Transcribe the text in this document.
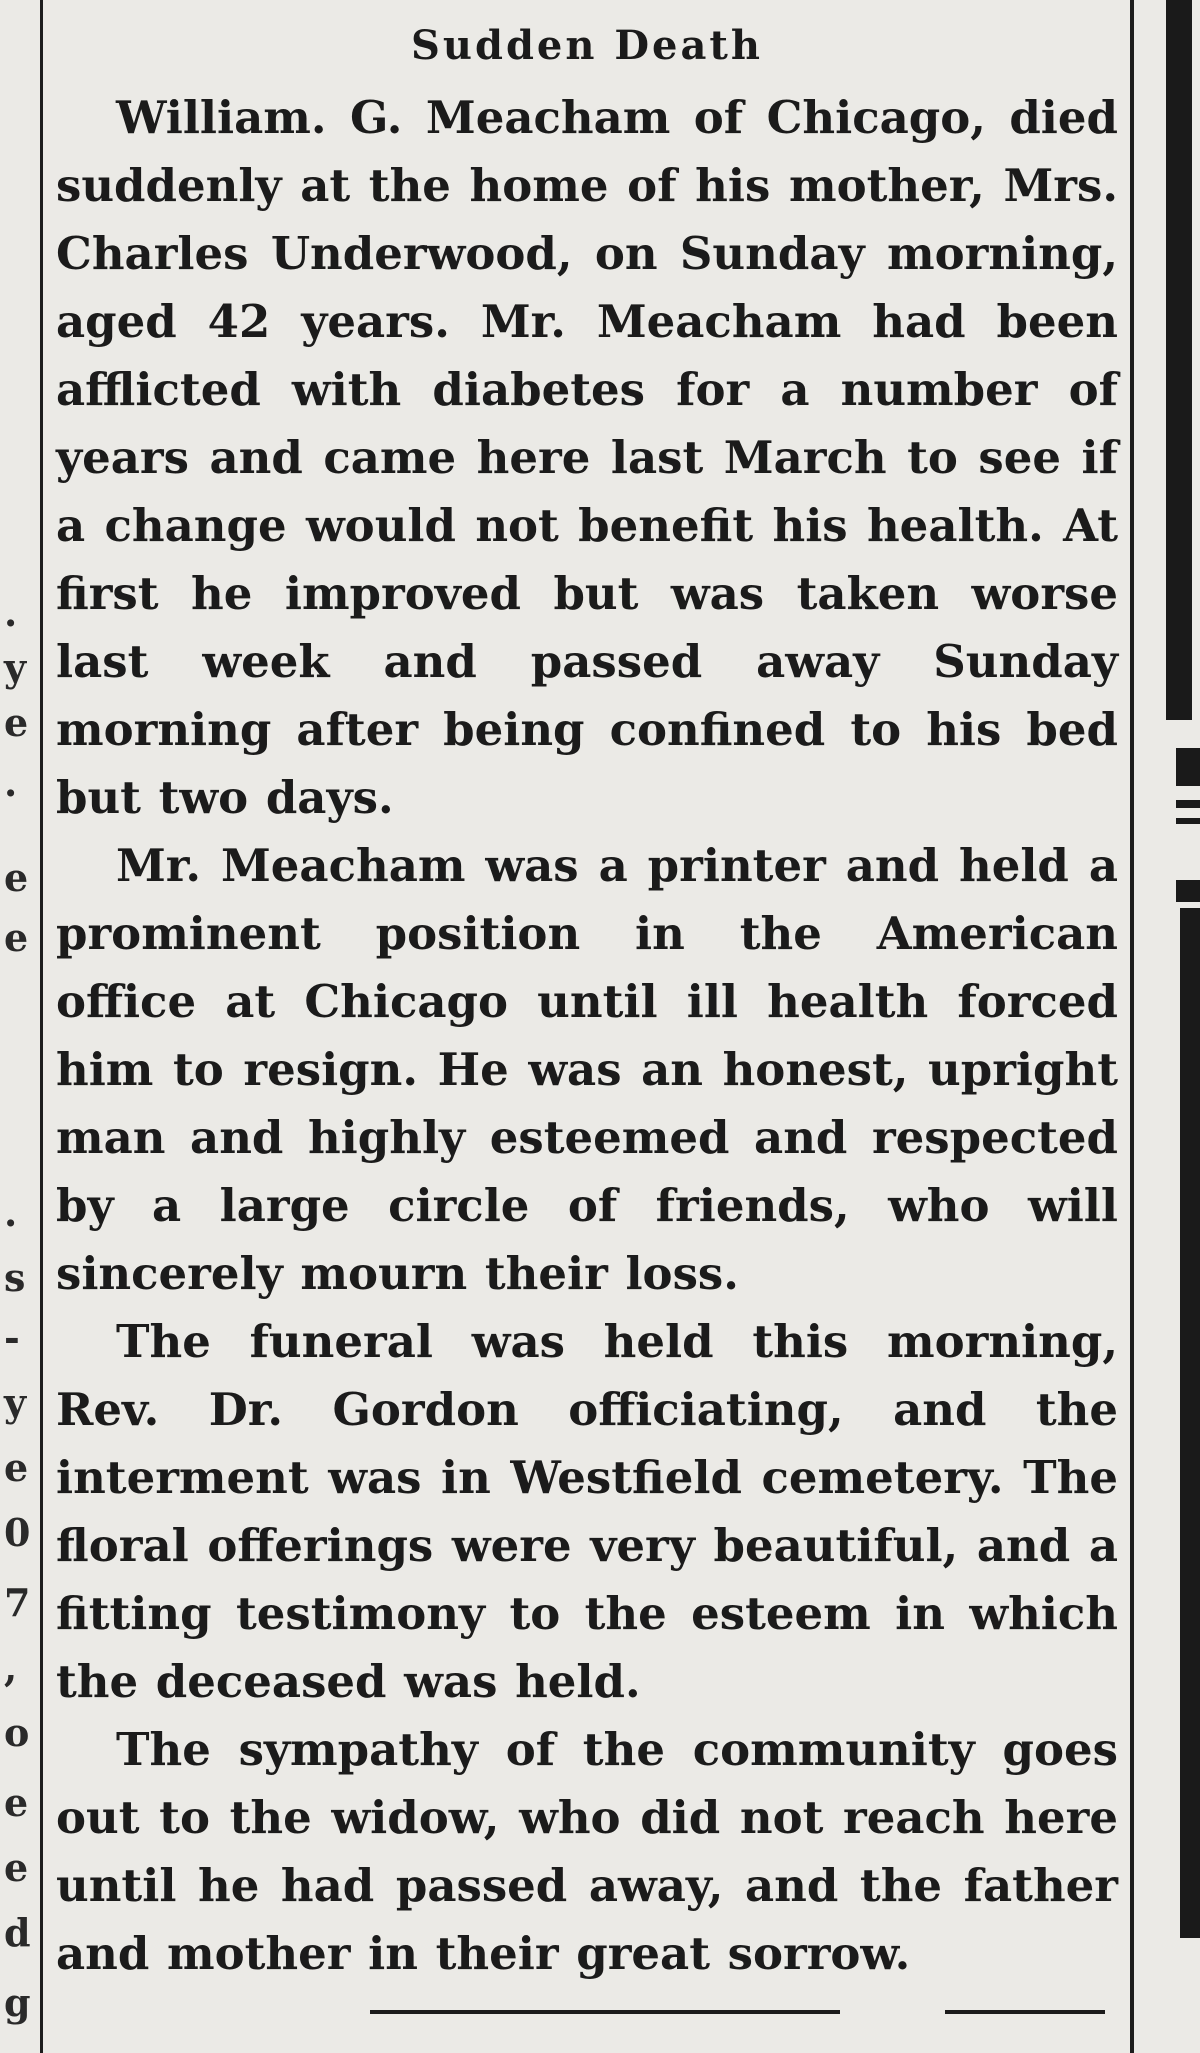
.
y
e
.
e
e
.
s
-
y
e
0
7
,
o
e
e
d
g
Sudden Death

William. G. Meacham of Chicago, died suddenly at the home of his mother, Mrs. Charles Underwood, on Sunday morning, aged 42 years. Mr. Meacham had been afflicted with diabetes for a number of years and came here last March to see if a change would not benefit his health. At first he improved but was taken worse last week and passed away Sunday morning after being confined to his bed but two days.

Mr. Meacham was a printer and held a prominent position in the American office at Chicago until ill health forced him to resign. He was an honest, upright man and highly esteemed and respected by a large circle of friends, who will sincerely mourn their loss.

The funeral was held this morning, Rev. Dr. Gordon officiating, and the interment was in Westfield cemetery. The floral offerings were very beautiful, and a fitting testimony to the esteem in which the deceased was held.

The sympathy of the community goes out to the widow, who did not reach here until he had passed away, and the father and mother in their great sorrow.
